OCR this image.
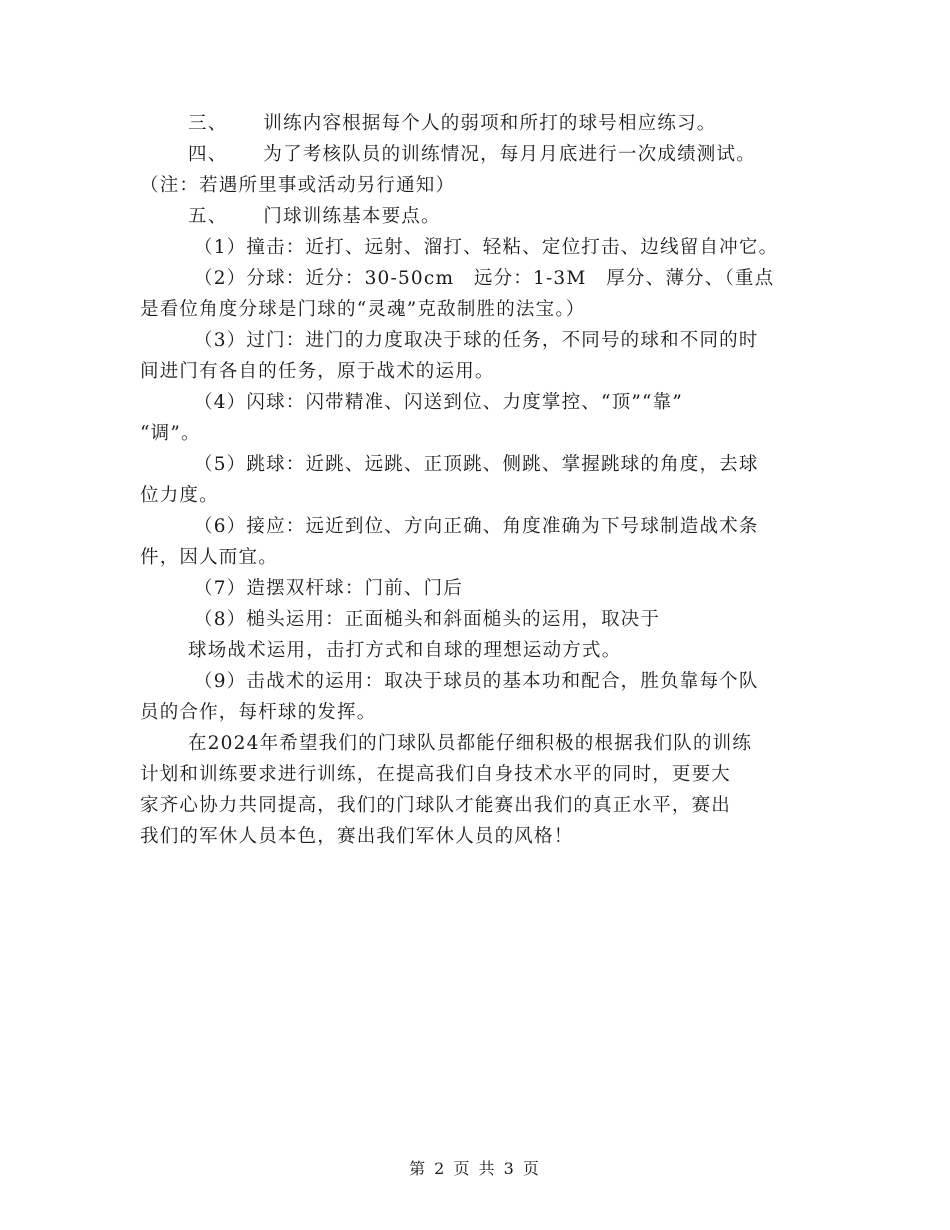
三、 训练内容根据每个人的弱项和所打的球号相应练习。
四、 为了考核队员的训练情况，每月月底进行一次成绩测试。
（注：若遇所里事或活动另行通知）
五、 门球训练基本要点。
（1）撞击：近打、远射、溜打、轻粘、定位打击、边线留自冲它。
（2）分球：近分：30-50cm　远分：1-3M　厚分、薄分、（重点
是看位角度分球是门球的“灵魂”克敌制胜的法宝。）
（3）过门：进门的力度取决于球的任务，不同号的球和不同的时
间进门有各自的任务，原于战术的运用。
（4）闪球：闪带精准、闪送到位、力度掌控、“顶”“靠”
“调”。
（5）跳球：近跳、远跳、正顶跳、侧跳、掌握跳球的角度，去球
位力度。
（6）接应：远近到位、方向正确、角度准确为下号球制造战术条
件，因人而宜。
（7）造摆双杆球：门前、门后
（8）槌头运用：正面槌头和斜面槌头的运用，取决于
球场战术运用，击打方式和自球的理想运动方式。
（9）击战术的运用：取决于球员的基本功和配合，胜负靠每个队
员的合作，每杆球的发挥。
在2024年希望我们的门球队员都能仔细积极的根据我们队的训练
计划和训练要求进行训练，在提高我们自身技术水平的同时，更要大
家齐心协力共同提高，我们的门球队才能赛出我们的真正水平，赛出
我们的军休人员本色，赛出我们军休人员的风格！
第 2 页 共 3 页
